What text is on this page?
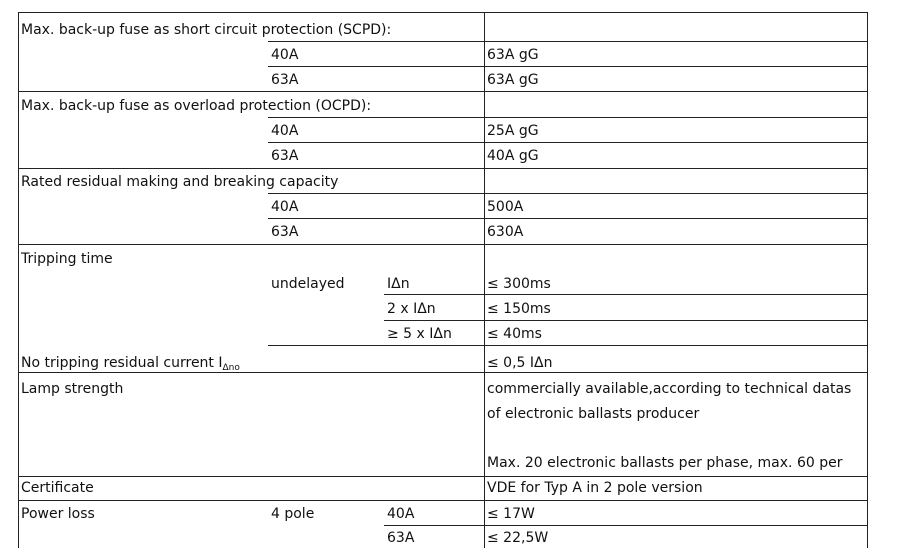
Max. back-up fuse as short circuit protection (SCPD):
40A	63A gG
63A	63A gG
Max. back-up fuse as overload protection (OCPD):
40A	25A gG
63A	40A gG
Rated residual making and breaking capacity
40A	500A
63A	630A
Tripping time
undelayed	IΔn	≤ 300ms
2 x IΔn	≤ 150ms
≥ 5 x IΔn	≤ 40ms
No tripping residual current $I_{\Delta no}$	≤ 0,5 IΔn
Lamp strength	commercially available,according to technical datas
of electronic ballasts producer
Max. 20 electronic ballasts per phase, max. 60 per
Certificate	VDE for Typ A in 2 pole version
Power loss	4 pole	40A	≤ 17W
63A	≤ 22,5W
